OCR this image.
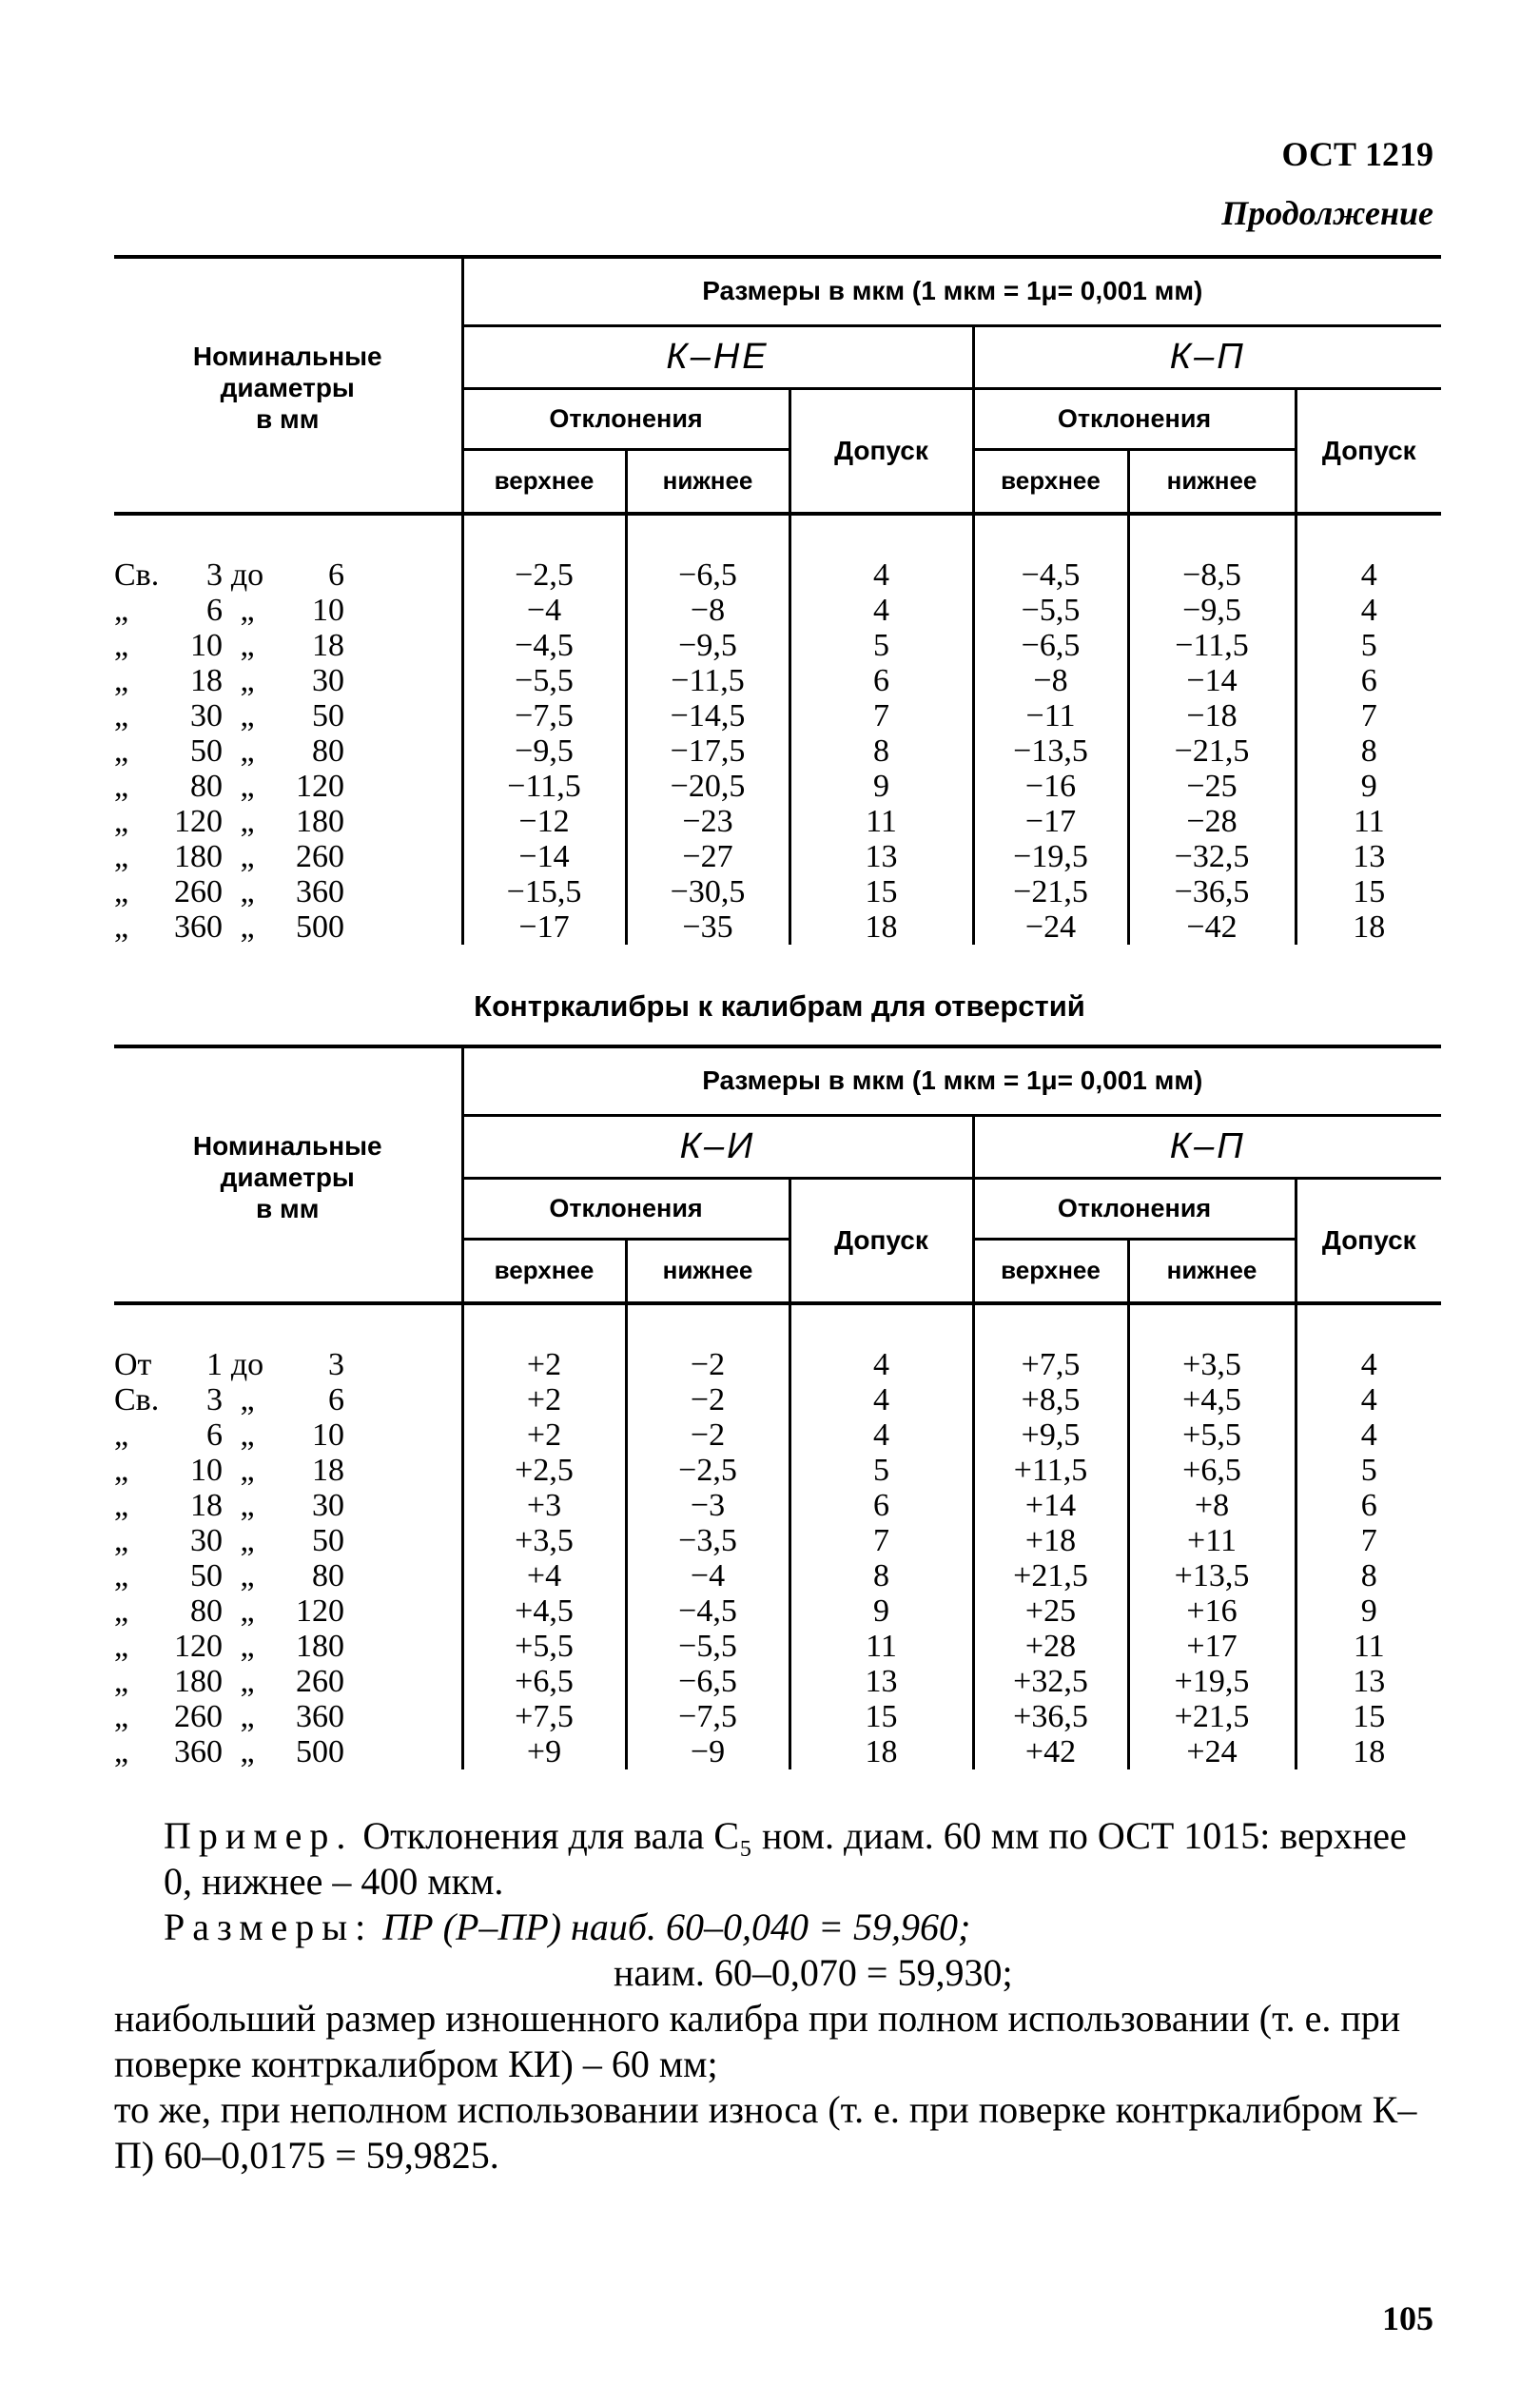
ОСТ 1219
Продолжение
Номинальные
диаметры
в мм	Размеры в мкм (1 мкм = 1μ= 0,001 мм)					
	К–НЕ			К–П		
	Отклонения		Допуск	Отклонения		Допуск
	верхнее	нижнее		верхнее	нижнее	

Св. 3 до 6	−2,5	−6,5	4	−4,5	−8,5	4
„ 6 „ 10	−4	−8	4	−5,5	−9,5	4
„ 10 „ 18	−4,5	−9,5	5	−6,5	−11,5	5
„ 18 „ 30	−5,5	−11,5	6	−8	−14	6
„ 30 „ 50	−7,5	−14,5	7	−11	−18	7
„ 50 „ 80	−9,5	−17,5	8	−13,5	−21,5	8
„ 80 „ 120	−11,5	−20,5	9	−16	−25	9
„ 120 „ 180	−12	−23	11	−17	−28	11
„ 180 „ 260	−14	−27	13	−19,5	−32,5	13
„ 260 „ 360	−15,5	−30,5	15	−21,5	−36,5	15
„ 360 „ 500	−17	−35	18	−24	−42	18
Контркалибры к калибрам для отверстий
Номинальные
диаметры
в мм	Размеры в мкм (1 мкм = 1μ= 0,001 мм)					
	К–И			К–П		
	Отклонения		Допуск	Отклонения		Допуск
	верхнее	нижнее		верхнее	нижнее	

От 1 до 3	+2	−2	4	+7,5	+3,5	4
Св. 3 „ 6	+2	−2	4	+8,5	+4,5	4
„ 6 „ 10	+2	−2	4	+9,5	+5,5	4
„ 10 „ 18	+2,5	−2,5	5	+11,5	+6,5	5
„ 18 „ 30	+3	−3	6	+14	+8	6
„ 30 „ 50	+3,5	−3,5	7	+18	+11	7
„ 50 „ 80	+4	−4	8	+21,5	+13,5	8
„ 80 „ 120	+4,5	−4,5	9	+25	+16	9
„ 120 „ 180	+5,5	−5,5	11	+28	+17	11
„ 180 „ 260	+6,5	−6,5	13	+32,5	+19,5	13
„ 260 „ 360	+7,5	−7,5	15	+36,5	+21,5	15
„ 360 „ 500	+9	−9	18	+42	+24	18

Пример. Отклонения для вала C₅ ном. диам. 60 мм по ОСТ 1015: верхнее 0, нижнее – 400 мкм.

Размеры: ПР (Р–ПР) наиб. 60–0,040 = 59,960;

наим. 60–0,070 = 59,930;

наибольший размер изношенного калибра при полном использовании (т. е. при поверке контркалибром КИ) – 60 мм;

то же, при неполном использовании износа (т. е. при поверке контркалибром К–П) 60–0,0175 = 59,9825.

105
